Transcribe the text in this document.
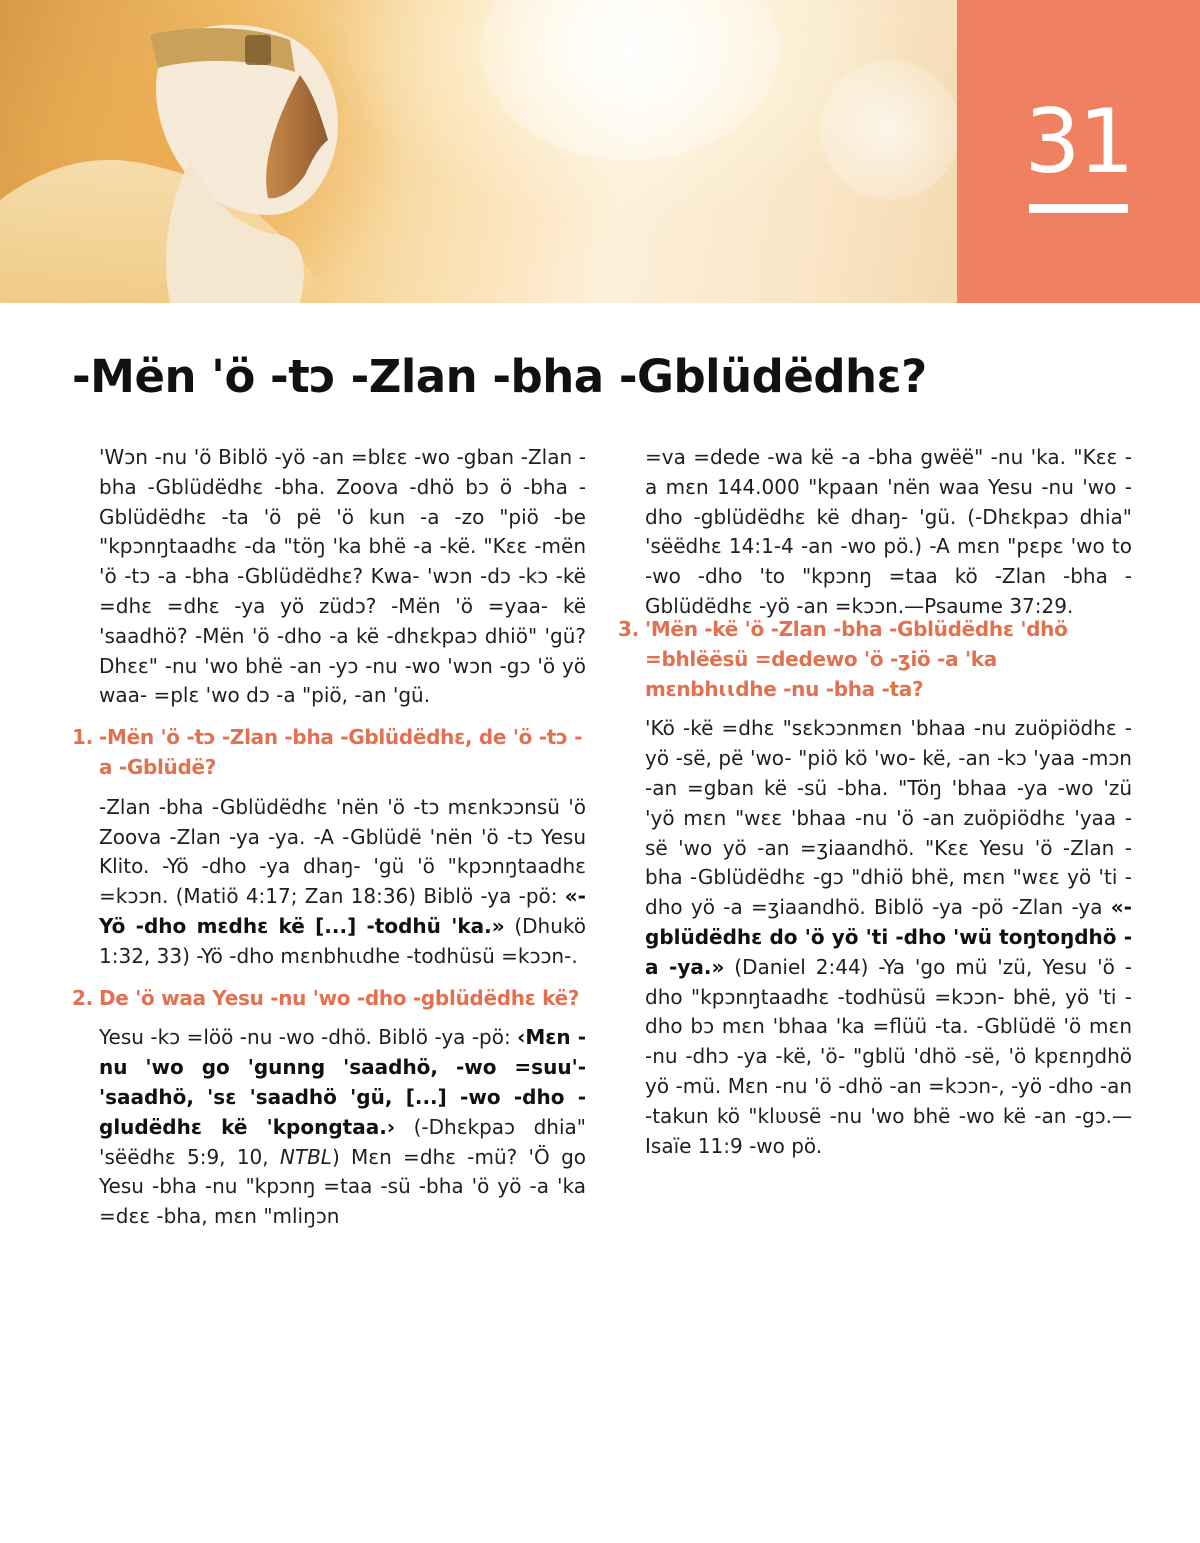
31
-Mën 'ö -tɔ -Zlan -bha -Gblüdëdhɛ?

'Wɔn -nu 'ö Biblö -yö -an =blɛɛ -wo -gban -Zlan -bha -Gblüdëdhɛ -bha. Zoova -dhö bɔ ö -bha -Gblüdëdhɛ -ta 'ö pë 'ö kun -a -zo "piö -be "kpɔnŋtaadhɛ -da "töŋ 'ka bhë -a -kë. "Kɛɛ -mën 'ö -tɔ -a -bha -Gblüdëdhɛ? Kwa- 'wɔn -dɔ -kɔ -kë =dhɛ =dhɛ -ya yö züdɔ? -Mën 'ö =yaa- kë 'saadhö? -Mën 'ö -dho -a kë -dhɛkpaɔ dhiö" 'gü? Dhɛɛ" -nu 'wo bhë -an -yɔ -nu -wo 'wɔn -gɔ 'ö yö waa- =plɛ 'wo dɔ -a "piö, -an 'gü.

1. -Mën 'ö -tɔ -Zlan -bha -Gblüdëdhɛ, de 'ö -tɔ -a -Gblüdë?

-Zlan -bha -Gblüdëdhɛ 'nën 'ö -tɔ mɛnkɔɔnsü 'ö Zoova -Zlan -ya -ya. -A -Gblüdë 'nën 'ö -tɔ Yesu Klito. -Yö -dho -ya dhaŋ- 'gü 'ö "kpɔnŋtaadhɛ =kɔɔn. (Matiö 4:17; Zan 18:36) Biblö -ya -pö: «-Yö -dho mɛdhɛ kë [...] -todhü 'ka.» (Dhukö 1:32, 33) -Yö -dho mɛnbhɩɩdhe -todhüsü =kɔɔn-.

2. De 'ö waa Yesu -nu 'wo -dho -gblüdëdhɛ kë?

Yesu -kɔ =löö -nu -wo -dhö. Biblö -ya -pö: ‹Mɛn -nu 'wo go 'gunng 'saadhö, -wo =suu'- 'saadhö, 'sɛ 'saadhö 'gü, [...] -wo -dho -gludëdhɛ kë 'kpongtaa.› (-Dhɛkpaɔ dhia" 'sëëdhɛ 5:9, 10, NTBL) Mɛn =dhɛ -mü? 'Ö go Yesu -bha -nu "kpɔnŋ =taa -sü -bha 'ö yö -a 'ka =dɛɛ -bha, mɛn "mliŋɔn

=va =dede -wa kë -a -bha gwëë" -nu 'ka. "Kɛɛ -a mɛn 144.000 "kpaan 'nën waa Yesu -nu 'wo -dho -gblüdëdhɛ kë dhaŋ- 'gü. (-Dhɛkpaɔ dhia" 'sëëdhɛ 14:1-4 -an -wo pö.) -A mɛn "pɛpɛ 'wo to -wo -dho 'to "kpɔnŋ =taa kö -Zlan -bha -Gblüdëdhɛ -yö -an =kɔɔn.—Psaume 37:29.

3. 'Mën -kë 'ö -Zlan -bha -Gblüdëdhɛ 'dhö =bhlëësü =dedewo 'ö -ʒiö -a 'ka mɛnbhɩɩdhe -nu -bha -ta?

'Kö -kë =dhɛ "sɛkɔɔnmɛn 'bhaa -nu zuöpiödhɛ -yö -së, pë 'wo- "piö kö 'wo- kë, -an -kɔ 'yaa -mɔn -an =gban kë -sü -bha. "Töŋ 'bhaa -ya -wo 'zü 'yö mɛn "wɛɛ 'bhaa -nu 'ö -an zuöpiödhɛ 'yaa -së 'wo yö -an =ʒiaandhö. "Kɛɛ Yesu 'ö -Zlan -bha -Gblüdëdhɛ -gɔ "dhiö bhë, mɛn "wɛɛ yö 'ti -dho yö -a =ʒiaandhö. Biblö -ya -pö -Zlan -ya «-gblüdëdhɛ do 'ö yö 'ti -dho 'wü toŋtoŋdhö -a -ya.» (Daniel 2:44) -Ya 'go mü 'zü, Yesu 'ö -dho "kpɔnŋtaadhɛ -todhüsü =kɔɔn- bhë, yö 'ti -dho bɔ mɛn 'bhaa 'ka =flüü -ta. -Gblüdë 'ö mɛn -nu -dhɔ -ya -kë, 'ö- "gblü 'dhö -së, 'ö kpɛnŋdhö yö -mü. Mɛn -nu 'ö -dhö -an =kɔɔn-, -yö -dho -an -takun kö "klʋʋsë -nu 'wo bhë -wo kë -an -gɔ.—Isaïe 11:9 -wo pö.
